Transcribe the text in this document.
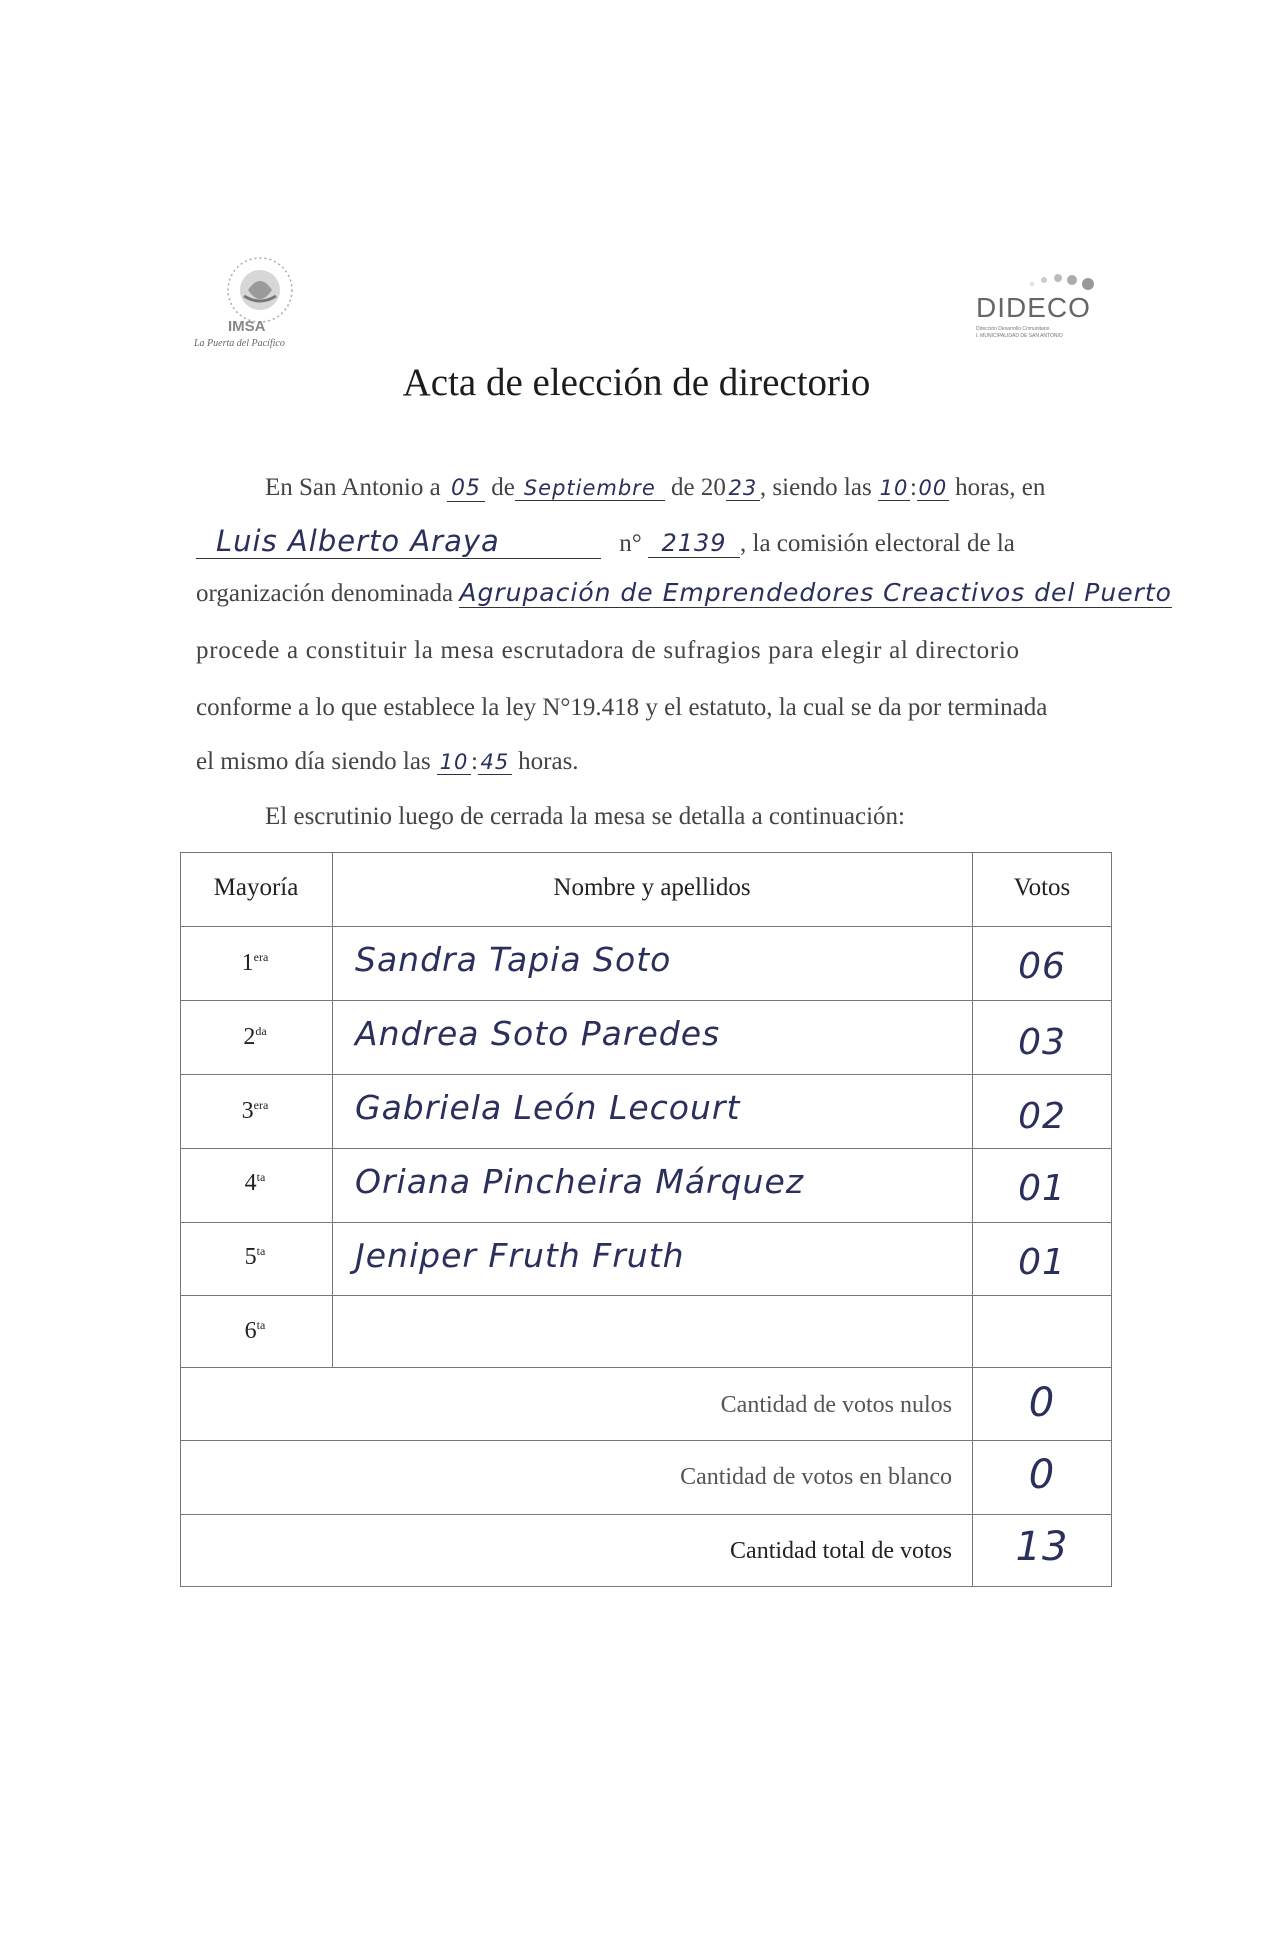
IMSA
La Puerta del Pacífico
DIDECO
Dirección Desarrollo Comunitario
I. MUNICIPALIDAD DE SAN ANTONIO
Acta de elección de directorio
En San Antonio a 05 de Septiembre de 20 23 , siendo las 10:00 horas, en
Luis Alberto Araya	n° 2139 , la comisión electoral de la
organización denominada Agrupación de Emprendedores Creactivos del Puerto
procede a constituir la mesa escrutadora de sufragios para elegir al directorio
conforme a lo que establece la ley N°19.418 y el estatuto, la cual se da por terminada
el mismo día siendo las 10 : 45 horas.
El escrutinio luego de cerrada la mesa se detalla a continuación:
Mayoría	Nombre y apellidos	Votos
$1^{era}$	Sandra Tapia Soto	06
$2^{da}$	Andrea Soto Paredes	03
$3^{era}$	Gabriela León Lecourt	02
$4^{ta}$	Oriana Pincheira Márquez	01
$5^{ta}$	Jeniper Fruth Fruth	01
$6^{ta}$
Cantidad de votos nulos	0
Cantidad de votos en blanco	0
Cantidad total de votos	13
